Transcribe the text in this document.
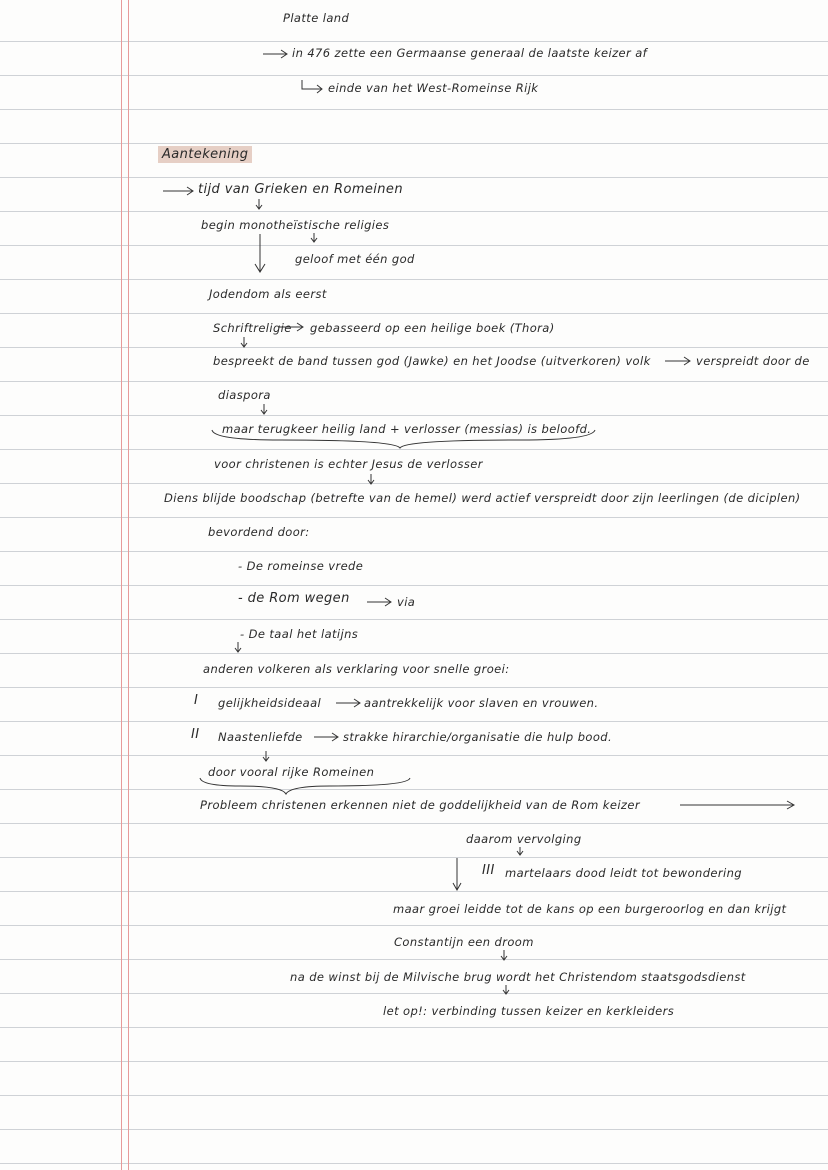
Platte land
in 476 zette een Germaanse generaal de laatste keizer af
einde van het West-Romeinse Rijk
Aantekening
tijd van Grieken en Romeinen
begin monotheïstische religies
geloof met één god
Jodendom als eerst
Schriftreligie gebasseerd op een heilige boek (Thora)
bespreekt de band tussen god (Jawke) en het Joodse (uitverkoren) volk	verspreidt door de
diaspora
maar terugkeer heilig land + verlosser (messias) is beloofd.
voor christenen is echter Jesus de verlosser
Diens blijde boodschap (betrefte van de hemel) werd actief verspreidt door zijn leerlingen (de diciplen)
bevordend door:
- De romeinse vrede
- de Rom wegen	via
- De taal het latijns
anderen volkeren als verklaring voor snelle groei:
I gelijkheidsideaal	aantrekkelijk voor slaven en vrouwen.
II Naastenliefde	strakke hirarchie/organisatie die hulp bood.
door vooral rijke Romeinen
Probleem christenen erkennen niet de goddelijkheid van de Rom keizer
daarom vervolging
III martelaars dood leidt tot bewondering
maar groei leidde tot de kans op een burgeroorlog en dan krijgt
Constantijn een droom
na de winst bij de Milvische brug wordt het Christendom staatsgodsdienst
let op!: verbinding tussen keizer en kerkleiders
